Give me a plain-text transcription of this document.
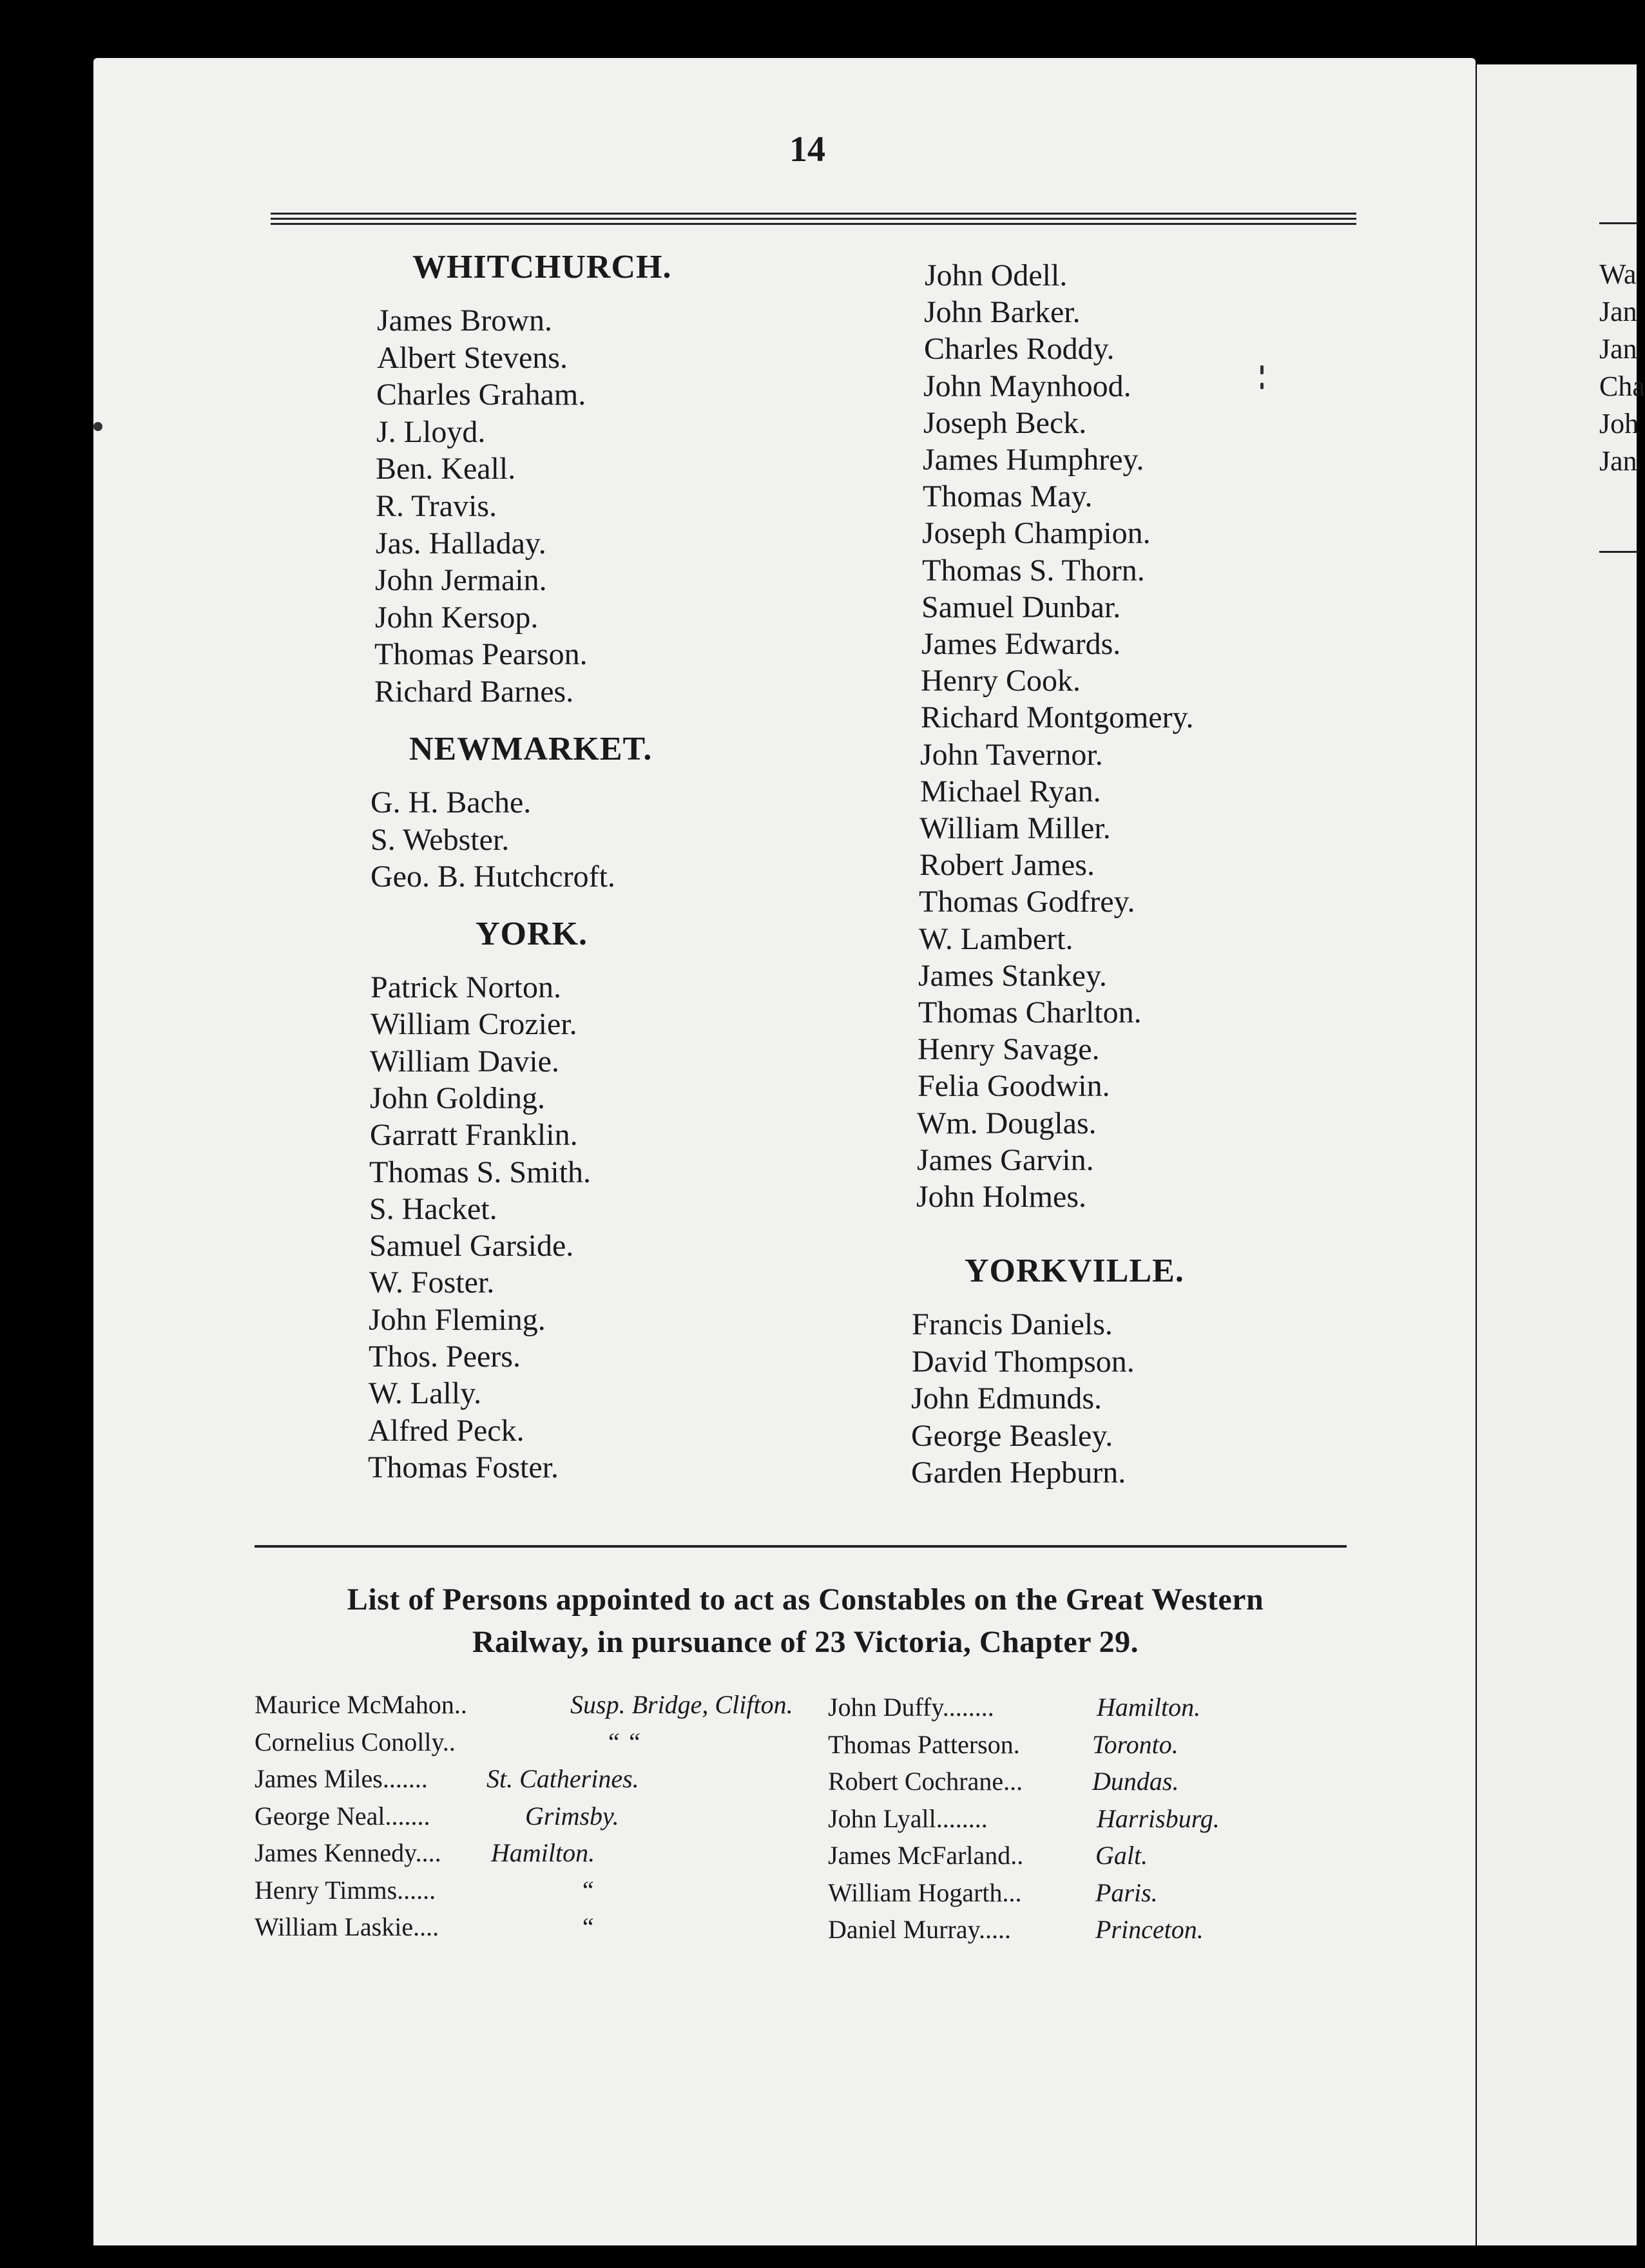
Wa
Jan
Jan
Cha
Joh
Jan
14
WHITCHURCH.
James Brown.
Albert Stevens.
Charles Graham.
J. Lloyd.
Ben. Keall.
R. Travis.
Jas. Halladay.
John Jermain.
John Kersop.
Thomas Pearson.
Richard Barnes.
NEWMARKET.
G. H. Bache.
S. Webster.
Geo. B. Hutchcroft.
YORK.
Patrick Norton.
William Crozier.
William Davie.
John Golding.
Garratt Franklin.
Thomas S. Smith.
S. Hacket.
Samuel Garside.
W. Foster.
John Fleming.
Thos. Peers.
W. Lally.
Alfred Peck.
Thomas Foster.
John Odell.
John Barker.
Charles Roddy.
John Maynhood.
Joseph Beck.
James Humphrey.
Thomas May.
Joseph Champion.
Thomas S. Thorn.
Samuel Dunbar.
James Edwards.
Henry Cook.
Richard Montgomery.
John Tavernor.
Michael Ryan.
William Miller.
Robert James.
Thomas Godfrey.
W. Lambert.
James Stankey.
Thomas Charlton.
Henry Savage.
Felia Goodwin.
Wm. Douglas.
James Garvin.
John Holmes.
YORKVILLE.
Francis Daniels.
David Thompson.
John Edmunds.
George Beasley.
Garden Hepburn.
List of Persons appointed to act as Constables on the Great Western
Railway, in pursuance of 23 Victoria, Chapter 29.
Maurice McMahon..	Susp. Bridge, Clifton.
Cornelius Conolly..	“ “
James Miles....... St. Catherines.
George Neal.......	Grimsby.
James Kennedy.... Hamilton.
Henry Timms......	“
William Laskie....	“
John Duffy........	Hamilton.
Thomas Patterson.	Toronto.
Robert Cochrane...	Dundas.
John Lyall........	Harrisburg.
James McFarland..	Galt.
William Hogarth...	Paris.
Daniel Murray.....	Princeton.
